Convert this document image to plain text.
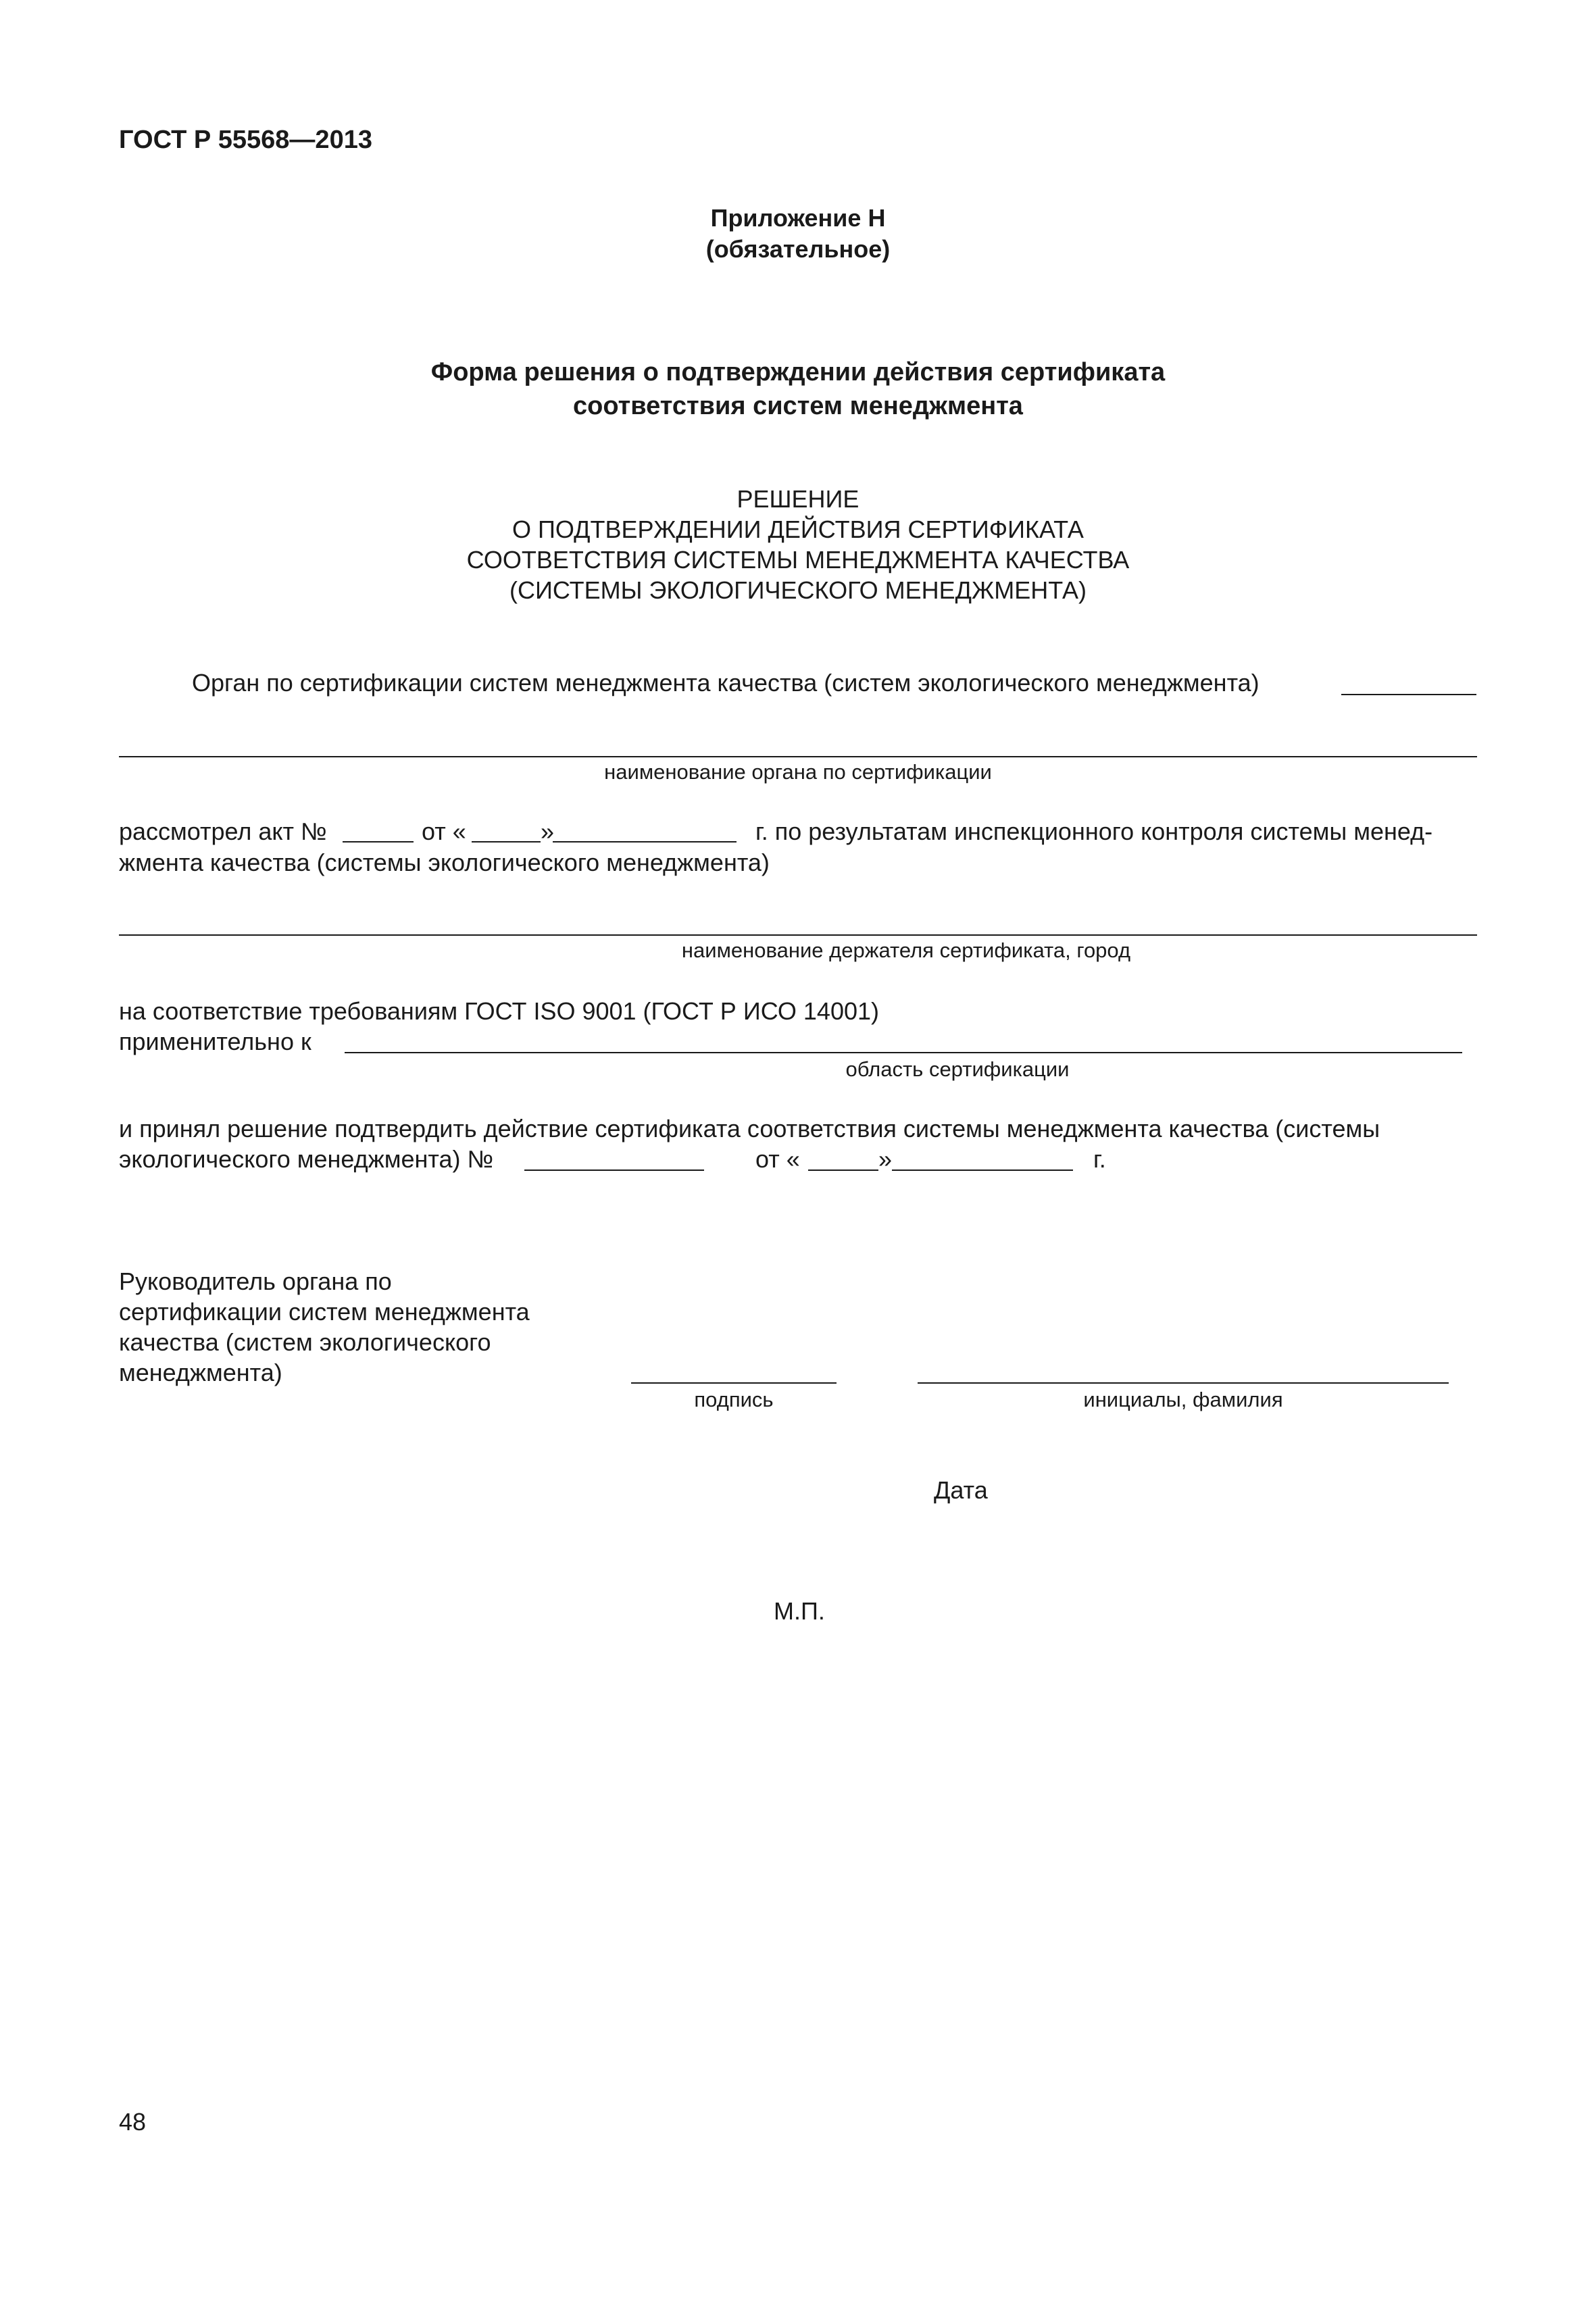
ГОСТ Р 55568—2013
Приложение Н
(обязательное)
Форма решения о подтверждении действия сертификата
соответствия систем менеджмента
РЕШЕНИЕ
О ПОДТВЕРЖДЕНИИ ДЕЙСТВИЯ СЕРТИФИКАТА
СООТВЕТСТВИЯ СИСТЕМЫ МЕНЕДЖМЕНТА КАЧЕСТВА
(СИСТЕМЫ ЭКОЛОГИЧЕСКОГО МЕНЕДЖМЕНТА)
Орган по сертификации систем менеджмента качества (систем экологического менеджмента)
наименование органа по сертификации
рассмотрел акт №	от «	»	г. по результатам инспекционного контроля системы менед-
жмента качества (системы экологического менеджмента)
наименование держателя сертификата, город
на соответствие требованиям ГОСТ ISO 9001 (ГОСТ Р ИСО 14001)
применительно к
область сертификации
и принял решение подтвердить действие сертификата соответствия системы менеджмента качества (системы
экологического менеджмента) №	от «	»	г.
Руководитель органа по
сертификации систем менеджмента
качества (систем экологического
менеджмента)
подпись	инициалы, фамилия
Дата
М.П.
48
